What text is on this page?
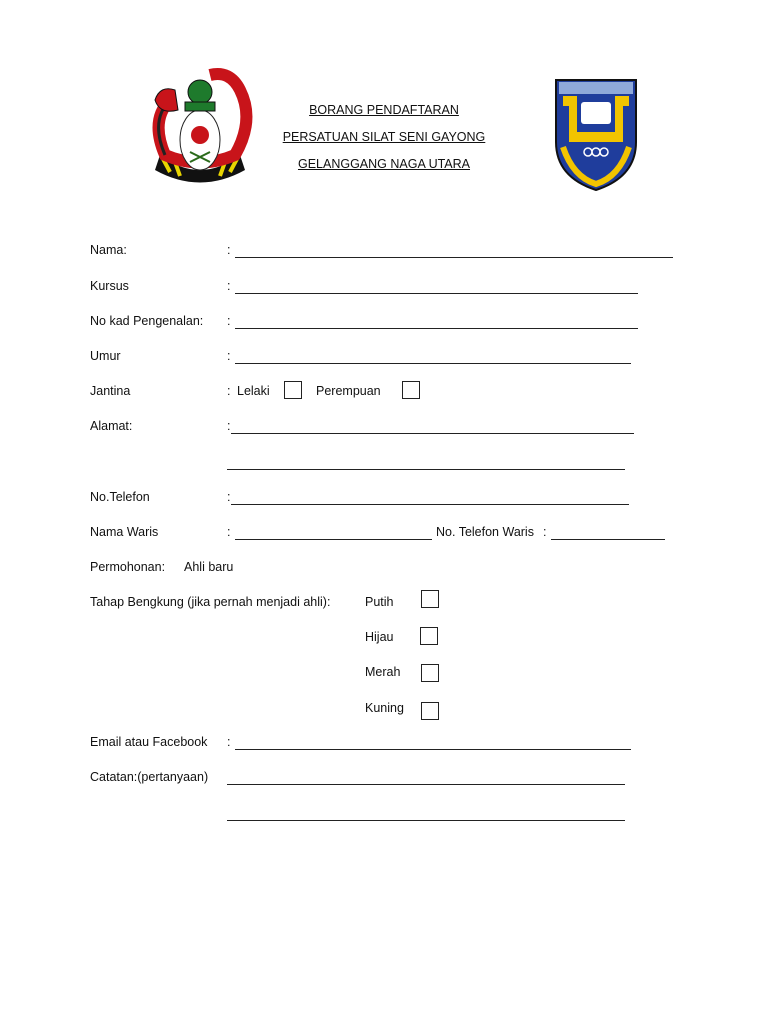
BORANG PENDAFTARAN
PERSATUAN SILAT SENI GAYONG
GELANGGANG NAGA UTARA
Nama:	:
Kursus	:
No kad Pengenalan: :
Umur	:
Jantina	: Lelaki	Perempuan
Alamat:	:
No.Telefon	:
Nama Waris	:	No. Telefon Waris :
Permohonan: Ahli baru
Tahap Bengkung (jika pernah menjadi ahli):	Putih
Hijau
Merah
Kuning
Email atau Facebook :
Catatan:(pertanyaan)
